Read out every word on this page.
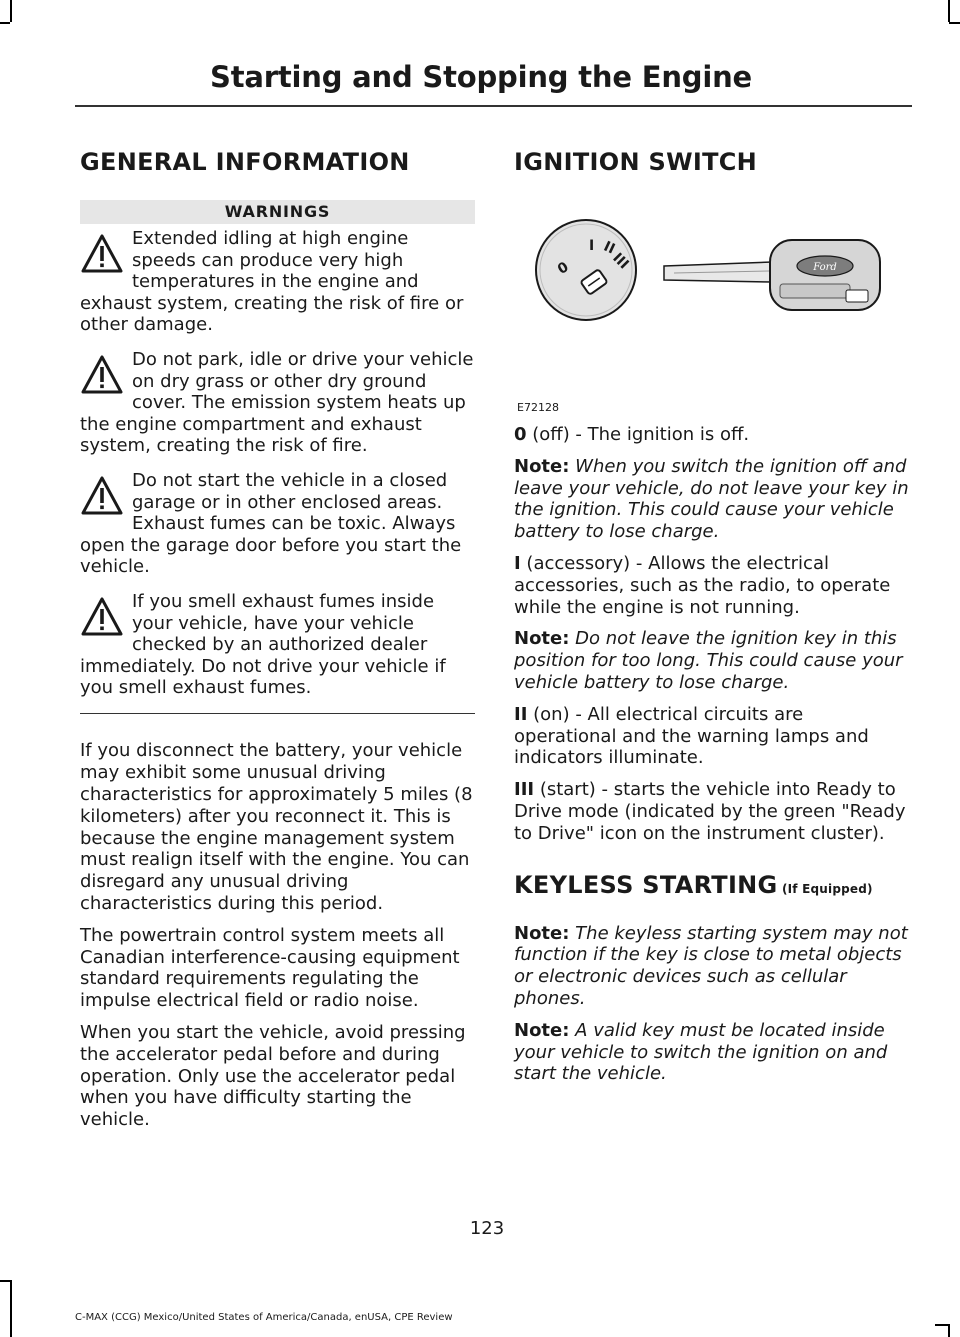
Starting and Stopping the Engine
GENERAL INFORMATION
WARNINGS

Extended idling at high engine speeds can produce very high temperatures in the engine and exhaust system, creating the risk of fire or other damage.

Do not park, idle or drive your vehicle on dry grass or other dry ground cover. The emission system heats up the engine compartment and exhaust system, creating the risk of fire.

Do not start the vehicle in a closed garage or in other enclosed areas. Exhaust fumes can be toxic. Always open the garage door before you start the vehicle.

If you smell exhaust fumes inside your vehicle, have your vehicle checked by an authorized dealer immediately. Do not drive your vehicle if you smell exhaust fumes.

If you disconnect the battery, your vehicle may exhibit some unusual driving characteristics for approximately 5 miles (8 kilometers) after you reconnect it. This is because the engine management system must realign itself with the engine. You can disregard any unusual driving characteristics during this period.

The powertrain control system meets all Canadian interference-causing equipment standard requirements regulating the impulse electrical field or radio noise.

When you start the vehicle, avoid pressing the accelerator pedal before and during operation. Only use the accelerator pedal when you have difficulty starting the vehicle.

IGNITION SWITCH
0
I II
III	Ford
E72128

0 (off) - The ignition is off.

Note: When you switch the ignition off and leave your vehicle, do not leave your key in the ignition. This could cause your vehicle battery to lose charge.

I (accessory) - Allows the electrical accessories, such as the radio, to operate while the engine is not running.

Note: Do not leave the ignition key in this position for too long. This could cause your vehicle battery to lose charge.

II (on) - All electrical circuits are operational and the warning lamps and indicators illuminate.

III (start) - starts the vehicle into Ready to Drive mode (indicated by the green "Ready to Drive" icon on the instrument cluster).

KEYLESS STARTING (If Equipped)

Note: The keyless starting system may not function if the key is close to metal objects or electronic devices such as cellular phones.

Note: A valid key must be located inside your vehicle to switch the ignition on and start the vehicle.

123
C-MAX (CCG) Mexico/United States of America/Canada, enUSA, CPE Review
